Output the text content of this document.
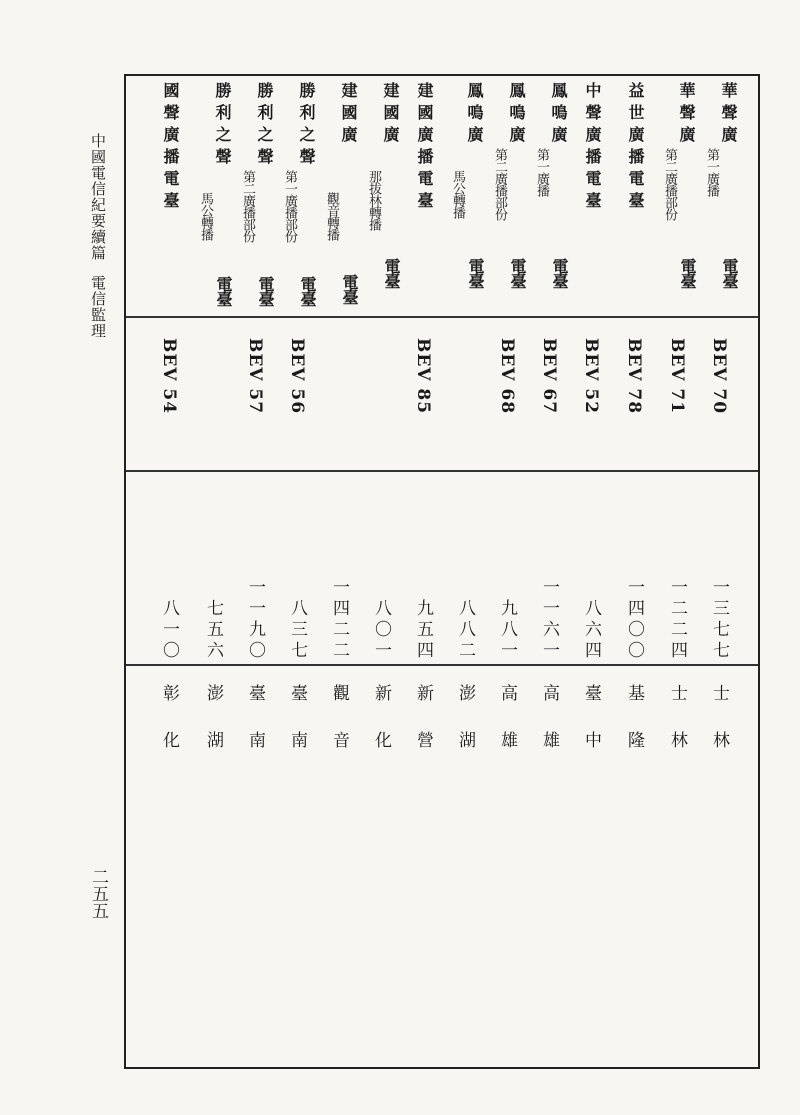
中國電信紀要續篇電信監理
二五五
華聲廣
第一廣播
電臺
BEV 70
一三七七
士林
華聲廣
第二廣播部份
電臺
BEV 71
一二二四
士林
益世廣播電臺
BEV 78
一四〇〇
基隆
中聲廣播電臺
BEV 52
八六四
臺中
鳳鳴廣
第一廣播
電臺
BEV 67
一一六一
高雄
鳳鳴廣
第二廣播部份
電臺
BEV 68
九八一
高雄
鳳鳴廣
馬公轉播
電臺
八八二
澎湖
建國廣播電臺
BEV 85
九五四
新營
建國廣
那拔林轉播
電臺
八〇一
新化
建國廣
觀音轉播
電臺
一四二二
觀音
勝利之聲
第一廣播部份
電臺
BEV 56
八三七
臺南
勝利之聲
第二廣播部份
電臺
BEV 57
一一九〇
臺南
勝利之聲
馬公轉播
電臺
七五六
澎湖
國聲廣播電臺
BEV 54
八一〇
彰化
